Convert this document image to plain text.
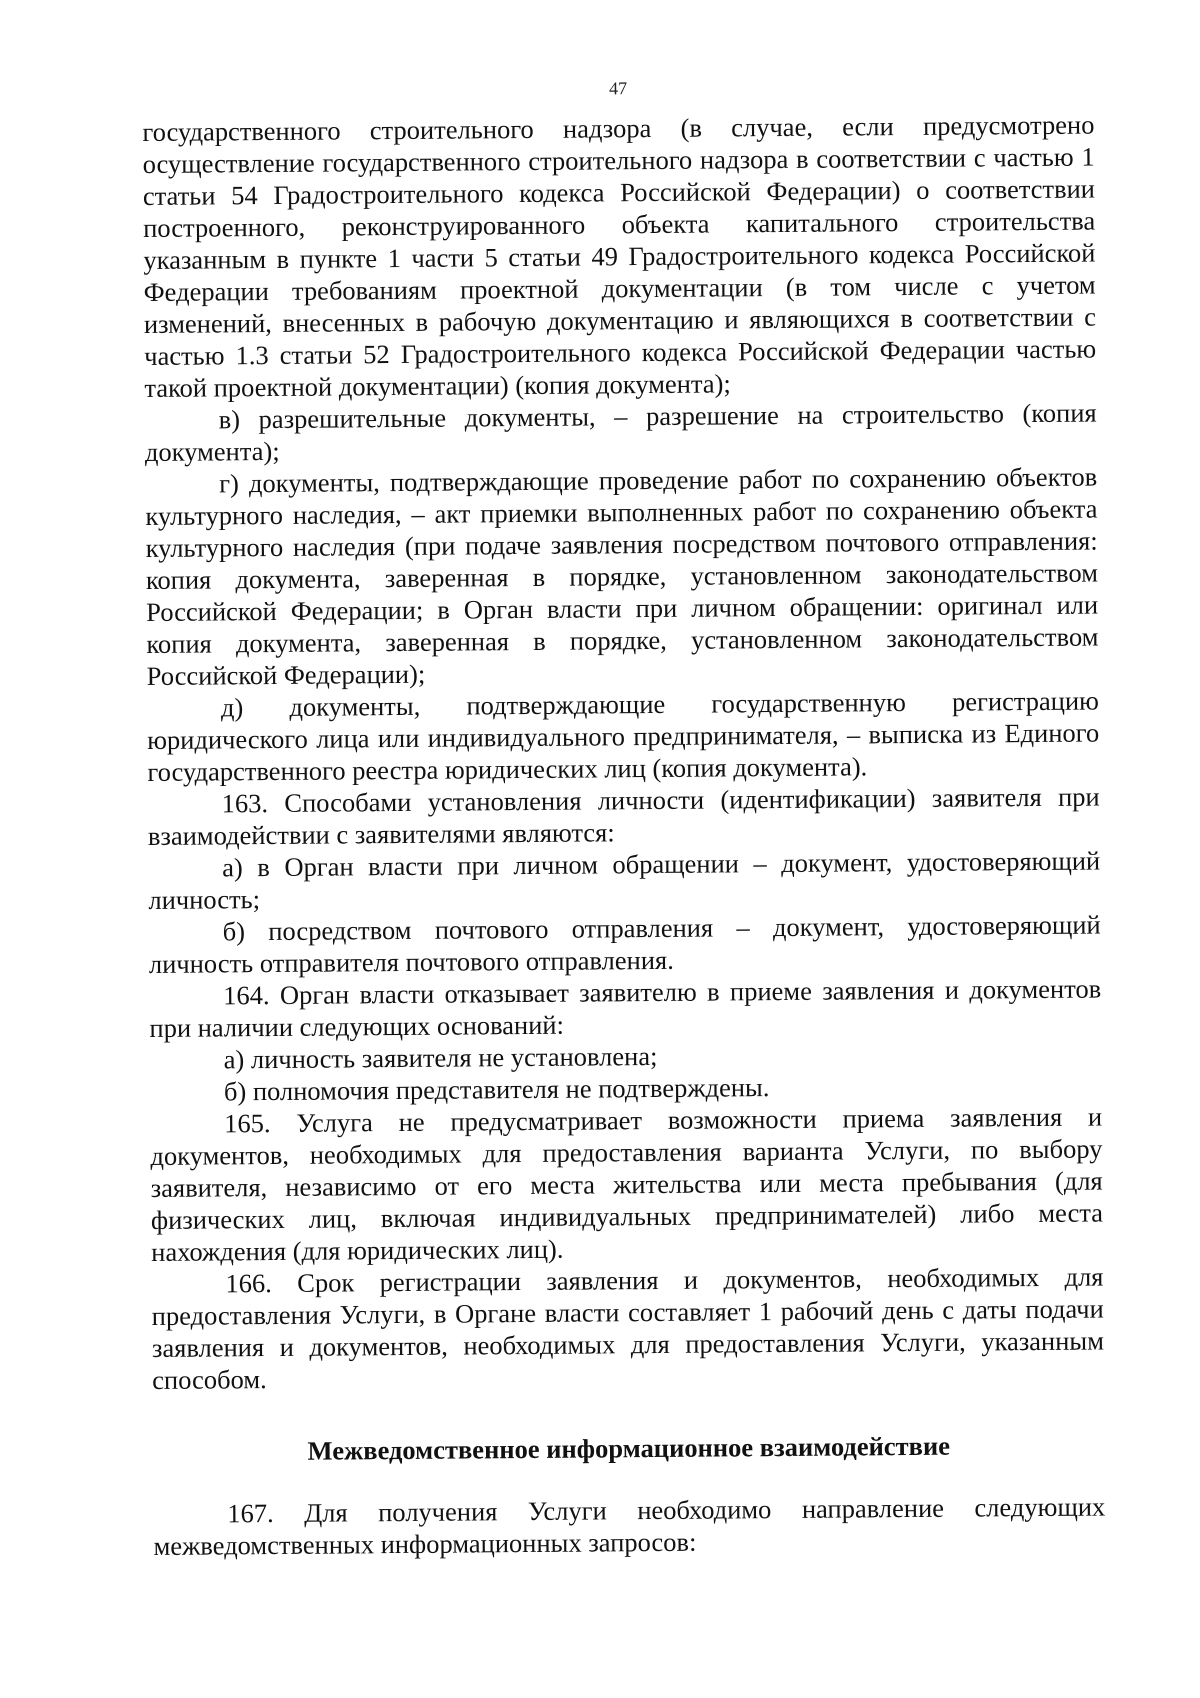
47

государственного строительного надзора (в случае, если предусмотрено осуществление государственного строительного надзора в соответствии с частью 1 статьи 54 Градостроительного кодекса Российской Федерации) о соответствии построенного, реконструированного объекта капитального строительства указанным в пункте 1 части 5 статьи 49 Градостроительного кодекса Российской Федерации требованиям проектной документации (в том числе с учетом изменений, внесенных в рабочую документацию и являющихся в соответствии с частью 1.3 статьи 52 Градостроительного кодекса Российской Федерации частью такой проектной документации) (копия документа);

в) разрешительные документы, – разрешение на строительство (копия документа);

г) документы, подтверждающие проведение работ по сохранению объектов культурного наследия, – акт приемки выполненных работ по сохранению объекта культурного наследия (при подаче заявления посредством почтового отправления: копия документа, заверенная в порядке, установленном законодательством Российской Федерации; в Орган власти при личном обращении: оригинал или копия документа, заверенная в порядке, установленном законодательством Российской Федерации);

д) документы, подтверждающие государственную регистрацию юридического лица или индивидуального предпринимателя, – выписка из Единого государственного реестра юридических лиц (копия документа).

163. Способами установления личности (идентификации) заявителя при взаимодействии с заявителями являются:

а) в Орган власти при личном обращении – документ, удостоверяющий личность;

б) посредством почтового отправления – документ, удостоверяющий личность отправителя почтового отправления.

164. Орган власти отказывает заявителю в приеме заявления и документов при наличии следующих оснований:

а) личность заявителя не установлена;

б) полномочия представителя не подтверждены.

165. Услуга не предусматривает возможности приема заявления и документов, необходимых для предоставления варианта Услуги, по выбору заявителя, независимо от его места жительства или места пребывания (для физических лиц, включая индивидуальных предпринимателей) либо места нахождения (для юридических лиц).

166. Срок регистрации заявления и документов, необходимых для предоставления Услуги, в Органе власти составляет 1 рабочий день с даты подачи заявления и документов, необходимых для предоставления Услуги, указанным способом.

Межведомственное информационное взаимодействие

167. Для получения Услуги необходимо направление следующих межведомственных информационных запросов:
